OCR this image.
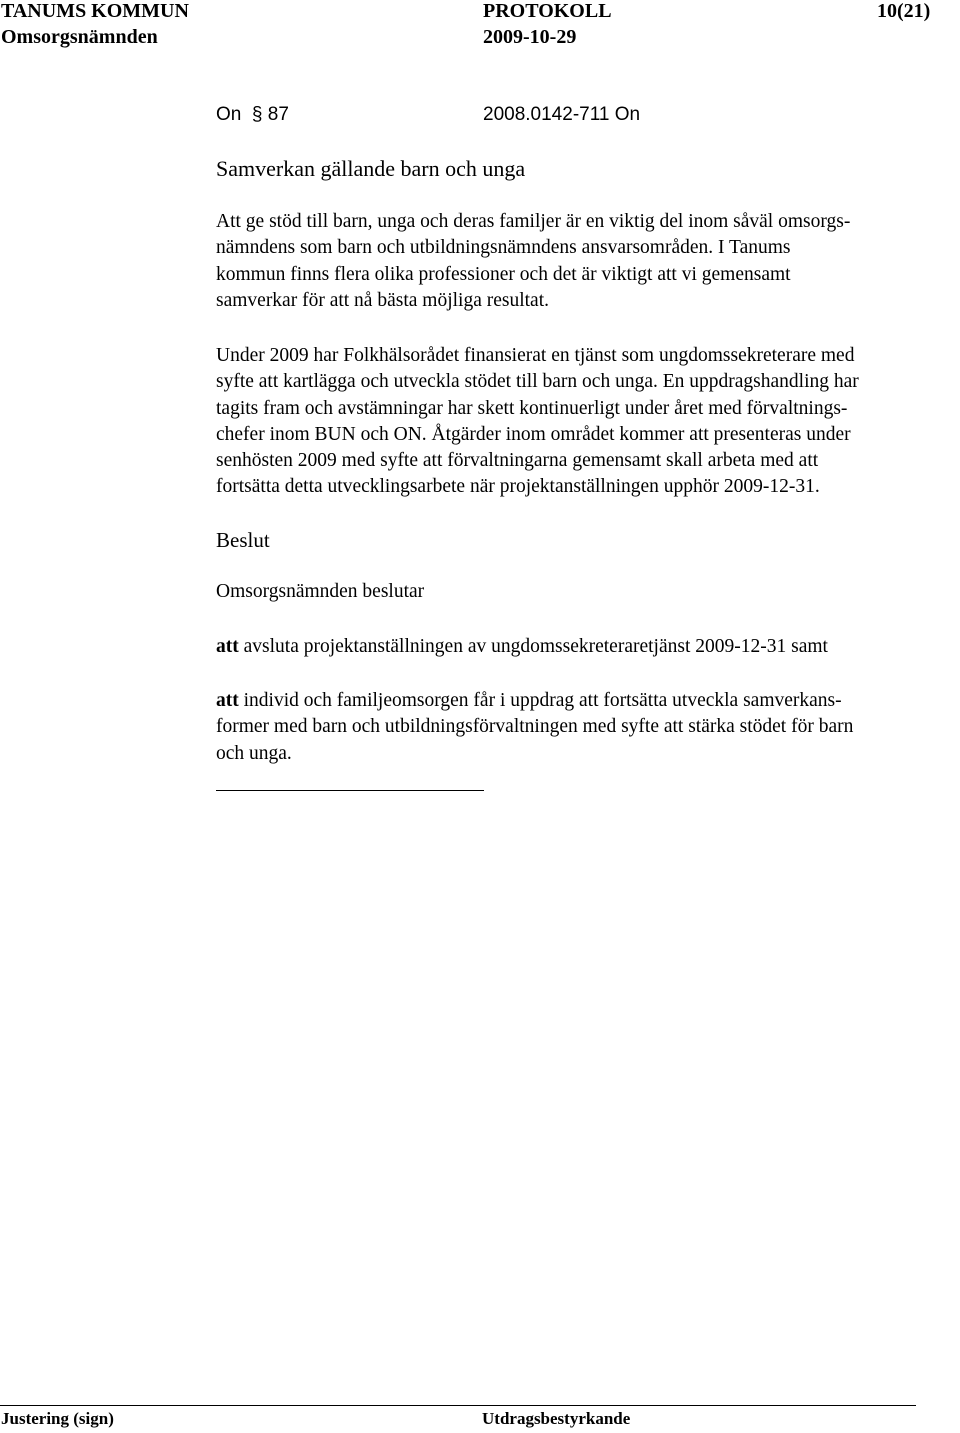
TANUMS KOMMUN	PROTOKOLL	10(21)
Omsorgsnämnden	2009-10-29
On  § 87	2008.0142-711 On
Samverkan gällande barn och unga
Att ge stöd till barn, unga och deras familjer är en viktig del inom såväl omsorgs-
nämndens som barn och utbildningsnämndens ansvarsområden. I Tanums
kommun finns flera olika professioner och det är viktigt att vi gemensamt
samverkar för att nå bästa möjliga resultat.
Under 2009 har Folkhälsorådet finansierat en tjänst som ungdomssekreterare med
syfte att kartlägga och utveckla stödet till barn och unga. En uppdragshandling har
tagits fram och avstämningar har skett kontinuerligt under året med förvaltnings-
chefer inom BUN och ON. Åtgärder inom området kommer att presenteras under
senhösten 2009 med syfte att förvaltningarna gemensamt skall arbeta med att
fortsätta detta utvecklingsarbete när projektanställningen upphör 2009-12-31.
Beslut
Omsorgsnämnden beslutar
att avsluta projektanställningen av ungdomssekreteraretjänst 2009-12-31 samt
att individ och familjeomsorgen får i uppdrag att fortsätta utveckla samverkans-
former med barn och utbildningsförvaltningen med syfte att stärka stödet för barn
och unga.
Justering (sign)	Utdragsbestyrkande
